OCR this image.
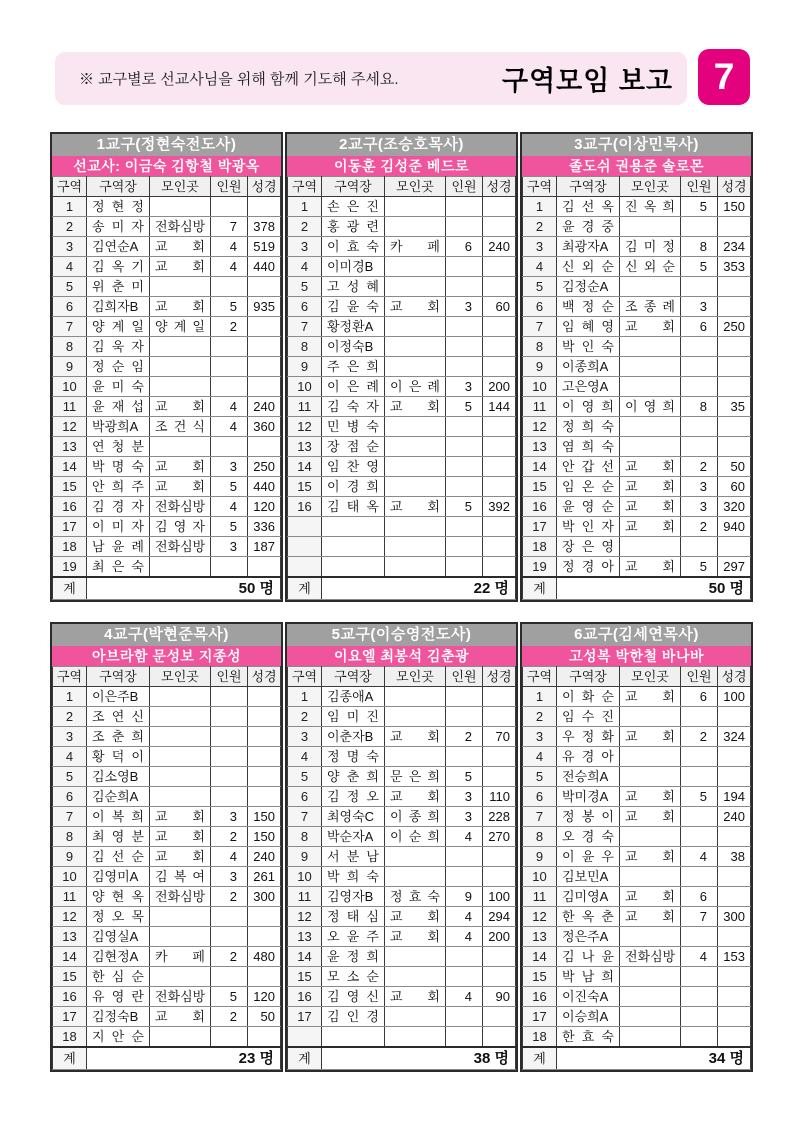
※ 교구별로 선교사님을 위해 함께 기도해 주세요.	구역모임 보고	7
1교구(정현숙전도사)
선교사: 이금숙 김항철 박광옥
구역	구역장	모인곳	인원	성경
1	정 현 정			
2	송 미 자	전화심방	7	378
3	김연순A	교 회	4	519
4	김 옥 기	교 회	4	440
5	위 춘 미			
6	김희자B	교 회	5	935
7	양 계 일	양 계 일	2	
8	김 욱 자			
9	정 순 임			
10	윤 미 숙			
11	윤 재 섭	교 회	4	240
12	박광희A	조 건 식	4	360
13	연 청 분			
14	박 명 숙	교 회	3	250
15	안 희 주	교 회	5	440
16	김 경 자	전화심방	4	120
17	이 미 자	김 영 자	5	336
18	남 윤 례	전화심방	3	187
19	최 은 숙			
계	50 명			
2교구(조승호목사)
이동훈 김성준 베드로
구역	구역장	모인곳	인원	성경
1	손 은 진			
2	홍 광 련			
3	이 효 숙	카 페	6	240
4	이미경B			
5	고 성 혜			
6	김 윤 숙	교 회	3	60
7	황정환A			
8	이정숙B			
9	주 은 희			
10	이 은 례	이 은 례	3	200
11	김 숙 자	교 회	5	144
12	민 병 숙			
13	장 점 순			
14	임 찬 영			
15	이 경 희			
16	김 태 옥	교 회	5	392

계	22 명			
3교구(이상민목사)
졸도쉬 권용준 솔로몬
구역	구역장	모인곳	인원	성경
1	김 선 옥	진 옥 희	5	150
2	윤 경 중			
3	최광자A	김 미 정	8	234
4	신 외 순	신 외 순	5	353
5	김정순A			
6	백 정 순	조 종 례	3	
7	임 혜 영	교 회	6	250
8	박 인 숙			
9	이종희A			
10	고은영A			
11	이 영 희	이 영 희	8	35
12	정 희 숙			
13	염 희 숙			
14	안 갑 선	교 회	2	50
15	임 온 순	교 회	3	60
16	윤 영 순	교 회	3	320
17	박 인 자	교 회	2	940
18	장 은 영			
19	정 경 아	교 회	5	297
계	50 명			
4교구(박현준목사)
아브라함 문성보 지종성
구역	구역장	모인곳	인원	성경
1	이은주B			
2	조 연 신			
3	조 춘 희			
4	황 덕 이			
5	김소영B			
6	김순희A			
7	이 복 희	교 회	3	150
8	최 영 분	교 회	2	150
9	김 선 순	교 회	4	240
10	김영미A	김 복 여	3	261
11	양 현 옥	전화심방	2	300
12	정 오 목			
13	김영실A			
14	김현정A	카 페	2	480
15	한 심 순			
16	유 영 란	전화심방	5	120
17	김정숙B	교 회	2	50
18	지 안 순			
계	23 명			
5교구(이승영전도사)
이요엘 최봉석 김춘광
구역	구역장	모인곳	인원	성경
1	김종애A			
2	임 미 진			
3	이춘자B	교 회	2	70
4	정 명 숙			
5	양 춘 희	문 은 희	5	
6	김 정 오	교 회	3	110
7	최영숙C	이 종 희	3	228
8	박순자A	이 순 희	4	270
9	서 분 남			
10	박 희 숙			
11	김영자B	정 효 숙	9	100
12	정 태 심	교 회	4	294
13	오 윤 주	교 회	4	200
14	윤 정 희			
15	모 소 순			
16	김 영 신	교 회	4	90
17	김 인 경			

계	38 명			
6교구(김세연목사)
고성복 박한철 바나바
구역	구역장	모인곳	인원	성경
1	이 화 순	교 회	6	100
2	임 수 진			
3	우 정 화	교 회	2	324
4	유 경 아			
5	전승희A			
6	박미경A	교 회	5	194
7	정 봉 이	교 회		240
8	오 경 숙			
9	이 윤 우	교 회	4	38
10	김보민A			
11	김미영A	교 회	6	
12	한 옥 춘	교 회	7	300
13	정은주A			
14	김 나 윤	전화심방	4	153
15	박 남 희			
16	이진숙A			
17	이승희A			
18	한 효 숙			
계	34 명			
